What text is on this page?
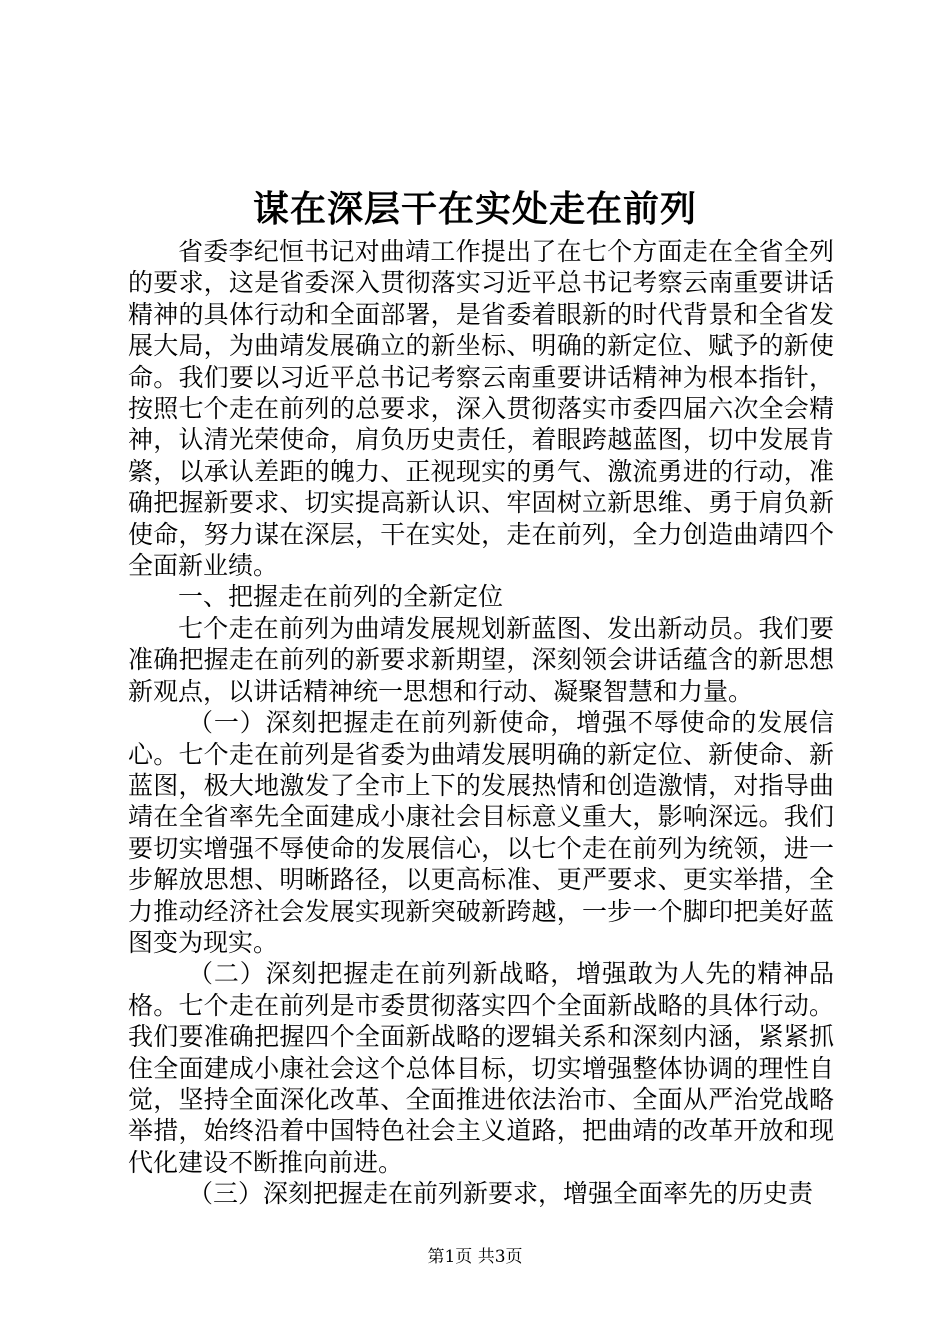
谋在深层干在实处走在前列

省委李纪恒书记对曲靖工作提出了在七个方面走在全省全列的要求，这是省委深入贯彻落实习近平总书记考察云南重要讲话精神的具体行动和全面部署，是省委着眼新的时代背景和全省发展大局，为曲靖发展确立的新坐标、明确的新定位、赋予的新使命。我们要以习近平总书记考察云南重要讲话精神为根本指针，按照七个走在前列的总要求，深入贯彻落实市委四届六次全会精神，认清光荣使命，肩负历史责任，着眼跨越蓝图，切中发展肯綮，以承认差距的魄力、正视现实的勇气、激流勇进的行动，准确把握新要求、切实提高新认识、牢固树立新思维、勇于肩负新使命，努力谋在深层，干在实处，走在前列，全力创造曲靖四个全面新业绩。

一、把握走在前列的全新定位

七个走在前列为曲靖发展规划新蓝图、发出新动员。我们要准确把握走在前列的新要求新期望，深刻领会讲话蕴含的新思想新观点，以讲话精神统一思想和行动、凝聚智慧和力量。

（一）深刻把握走在前列新使命，增强不辱使命的发展信心。七个走在前列是省委为曲靖发展明确的新定位、新使命、新蓝图，极大地激发了全市上下的发展热情和创造激情，对指导曲靖在全省率先全面建成小康社会目标意义重大，影响深远。我们要切实增强不辱使命的发展信心，以七个走在前列为统领，进一步解放思想、明晰路径，以更高标准、更严要求、更实举措，全力推动经济社会发展实现新突破新跨越，一步一个脚印把美好蓝图变为现实。

（二）深刻把握走在前列新战略，增强敢为人先的精神品格。七个走在前列是市委贯彻落实四个全面新战略的具体行动。我们要准确把握四个全面新战略的逻辑关系和深刻内涵，紧紧抓住全面建成小康社会这个总体目标，切实增强整体协调的理性自觉，坚持全面深化改革、全面推进依法治市、全面从严治党战略举措，始终沿着中国特色社会主义道路，把曲靖的改革开放和现代化建设不断推向前进。

（三）深刻把握走在前列新要求，增强全面率先的历史责

第1页 共3页
